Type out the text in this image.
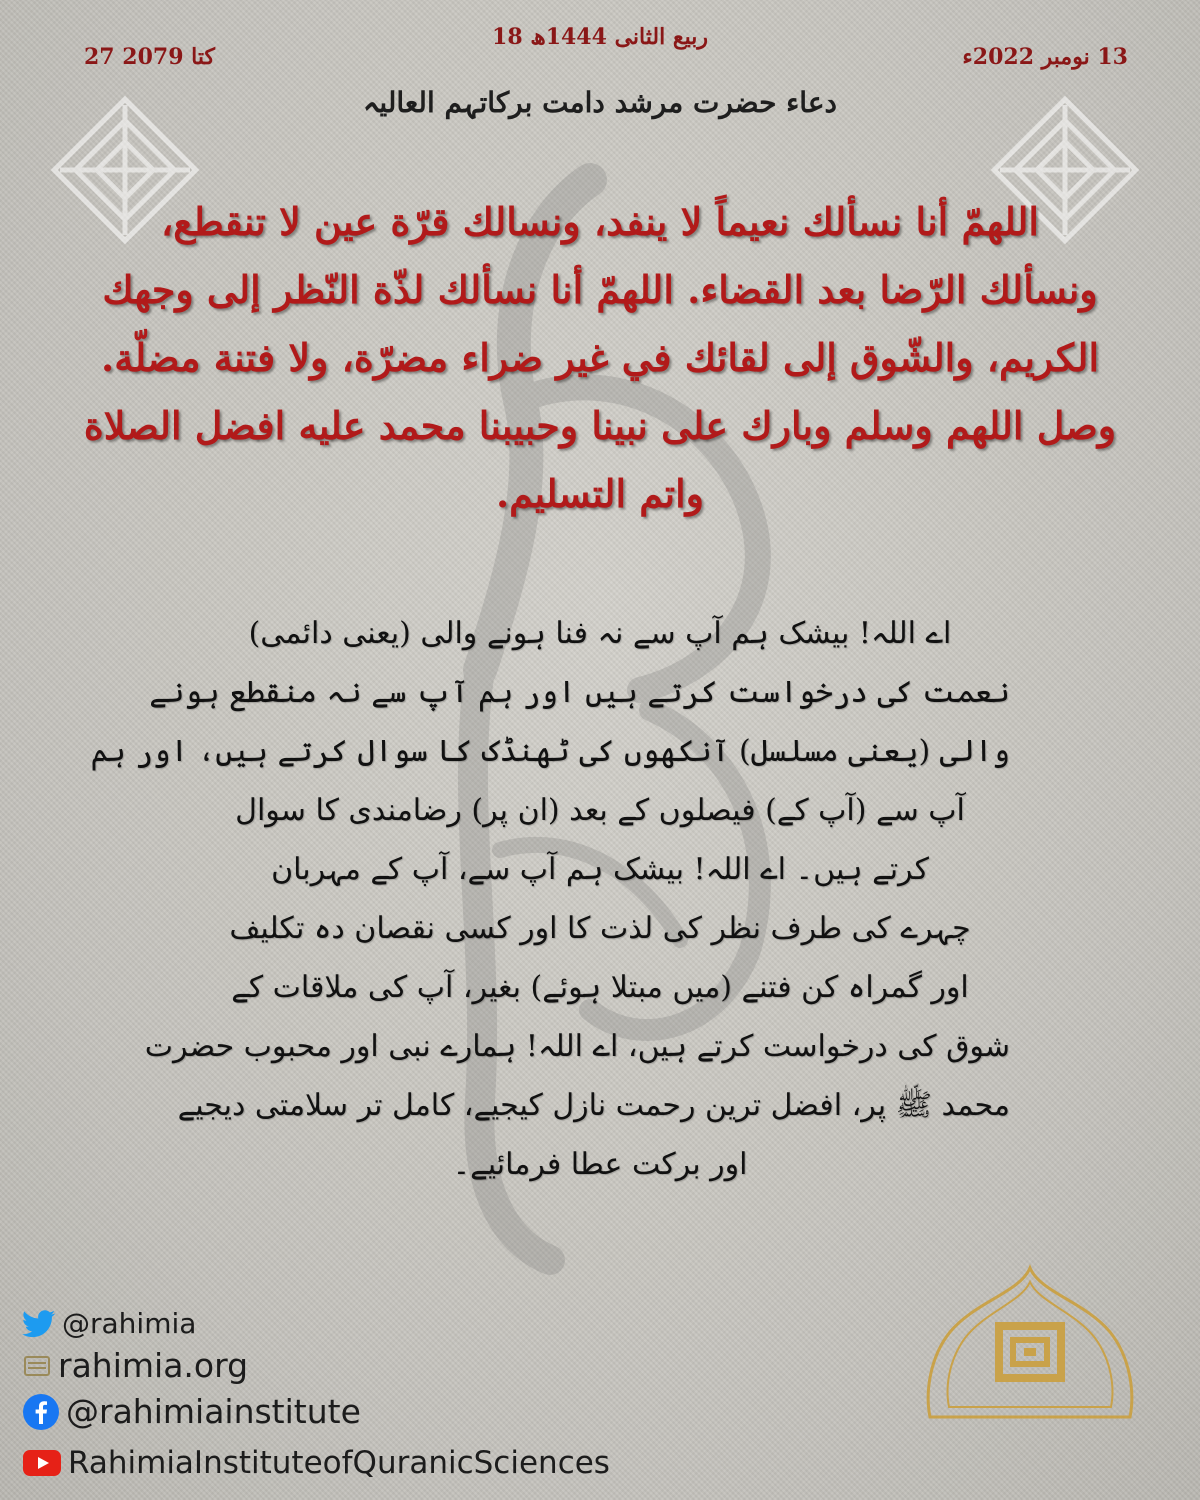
27 کتا 2079
18 ربیع الثانی 1444ھ
13 نومبر 2022ء
دعاء حضرت مرشد دامت برکاتہم العالیہ
اللھمّ أنا نسألك نعيماً لا ينفد، ونسالك قرّة عين لا تنقطع،
ونسألك الرّضا بعد القضاء. اللھمّ أنا نسألك لذّة النّظر إلى وجھك
الكريم، والشّوق إلى لقائك في غير ضراء مضرّة، ولا فتنة مضلّة.
وصل اللھم وسلم وبارك على نبينا وحبيبنا محمد عليه افضل الصلاة
واتم التسليم.
اے اللہ! بیشک ہم آپ سے نہ فنا ہونے والی (یعنی دائمی)
نعمت کی درخواست کرتے ہیں اور ہم آپ سے نہ منقطع ہونے
والی (یعنی مسلسل) آنکھوں کی ٹھنڈک کا سوال کرتے ہیں، اور ہم
آپ سے (آپ کے) فیصلوں کے بعد (ان پر) رضامندی کا سوال
کرتے ہیں۔ اے اللہ! بیشک ہم آپ سے، آپ کے مہربان
چہرے کی طرف نظر کی لذت کا اور کسی نقصان دہ تکلیف
اور گمراہ کن فتنے (میں مبتلا ہوئے) بغیر، آپ کی ملاقات کے
شوق کی درخواست کرتے ہیں، اے اللہ! ہمارے نبی اور محبوب حضرت
محمد ﷺ پر، افضل ترین رحمت نازل کیجیے، کامل تر سلامتی دیجیے
اور برکت عطا فرمائیے۔
@rahimia
rahimia.org
@rahimiainstitute
RahimiaInstituteofQuranicSciences
